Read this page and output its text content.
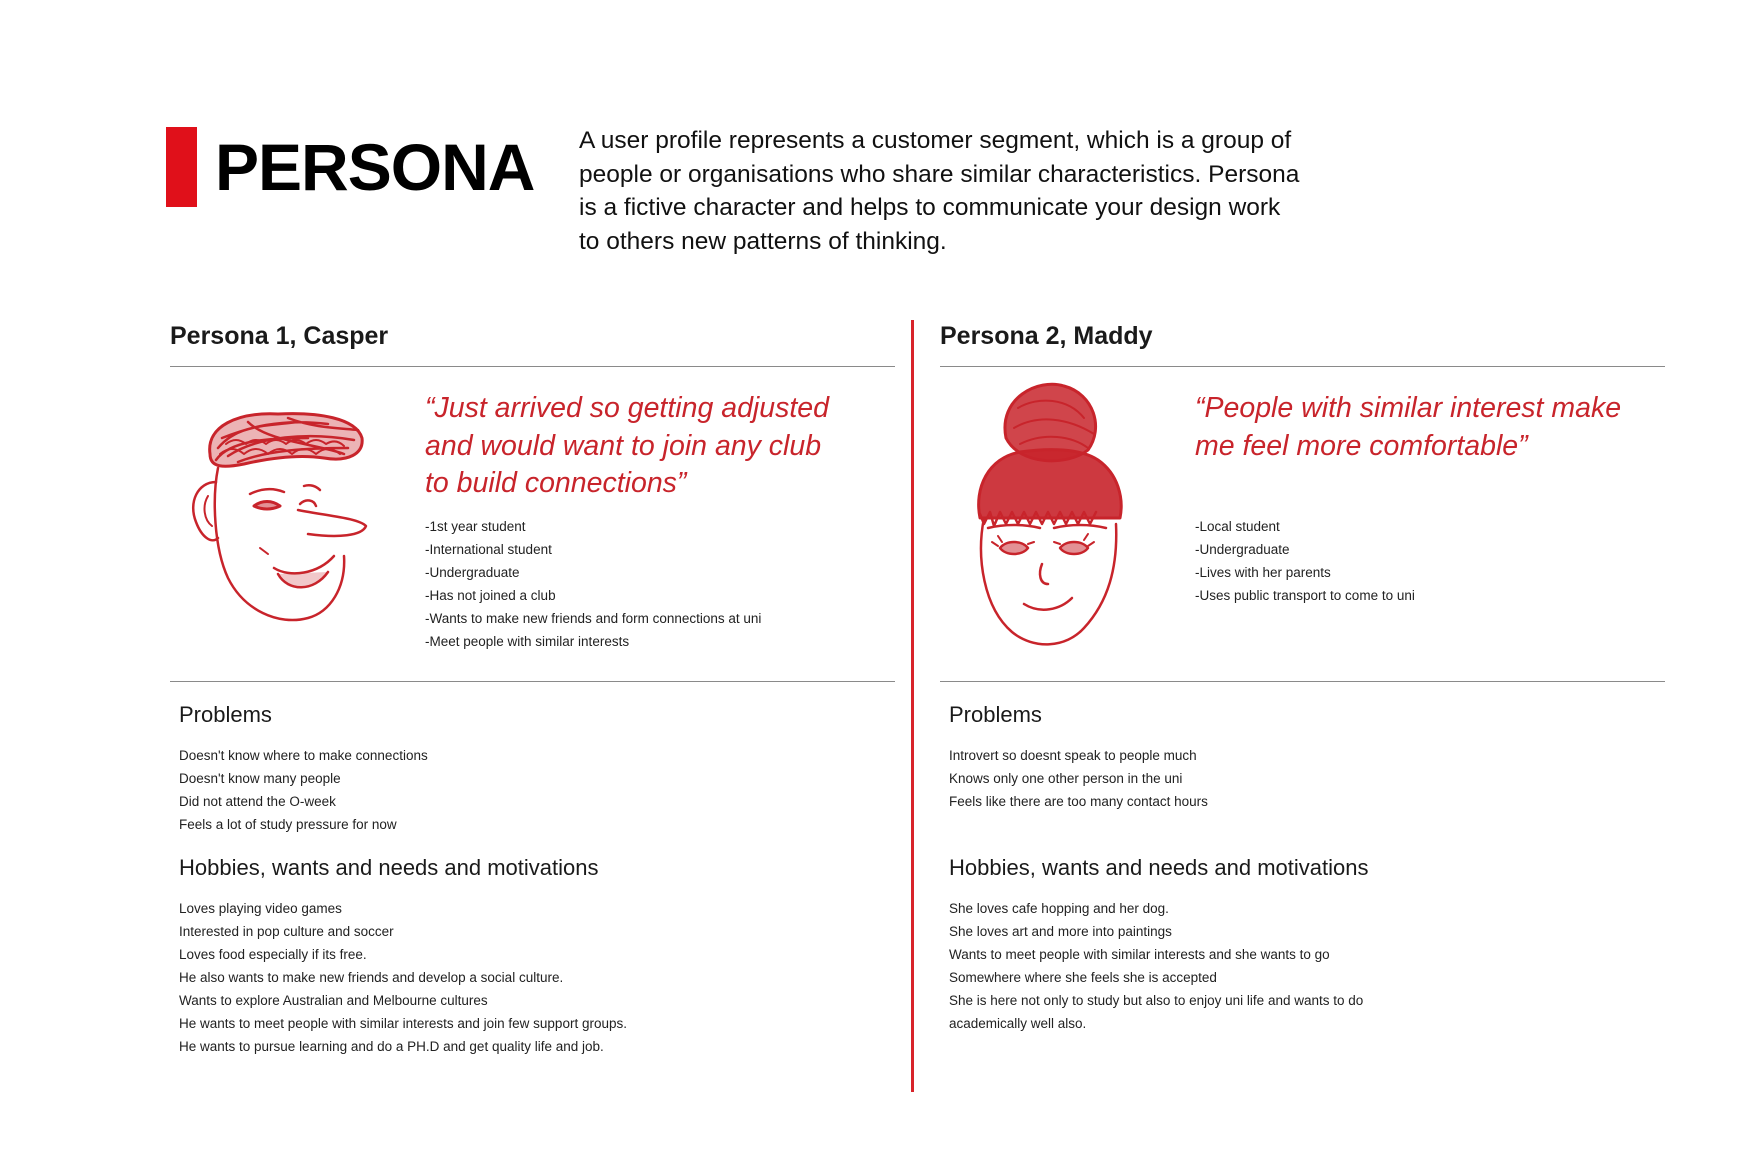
PERSONA A user profile represents a customer segment, which is a group of

people or organisations who share similar characteristics. Persona

is a fictive character and helps to communicate your design work

to others new patterns of thinking.

Persona 1, Casper

“Just arrived so getting adjusted

and would want to join any club

to build connections”

-1st year student
-International student
-Undergraduate
-Has not joined a club
-Wants to make new friends and form connections at uni
-Meet people with similar interests
Problems
Doesn't know where to make connections
Doesn't know many people
Did not attend the O-week
Feels a lot of study pressure for now
Hobbies, wants and needs and motivations
Loves playing video games
Interested in pop culture and soccer
Loves food especially if its free.
He also wants to make new friends and develop a social culture.
Wants to explore Australian and Melbourne cultures
He wants to meet people with similar interests and join few support groups.
He wants to pursue learning and do a PH.D and get quality life and job.
Persona 2, Maddy

“People with similar interest make

me feel more comfortable”

-Local student
-Undergraduate
-Lives with her parents
-Uses public transport to come to uni
Problems
Introvert so doesnt speak to people much
Knows only one other person in the uni
Feels like there are too many contact hours
Hobbies, wants and needs and motivations
She loves cafe hopping and her dog.
She loves art and more into paintings
Wants to meet people with similar interests and she wants to go
Somewhere where she feels she is accepted
She is here not only to study but also to enjoy uni life and wants to do
academically well also.
